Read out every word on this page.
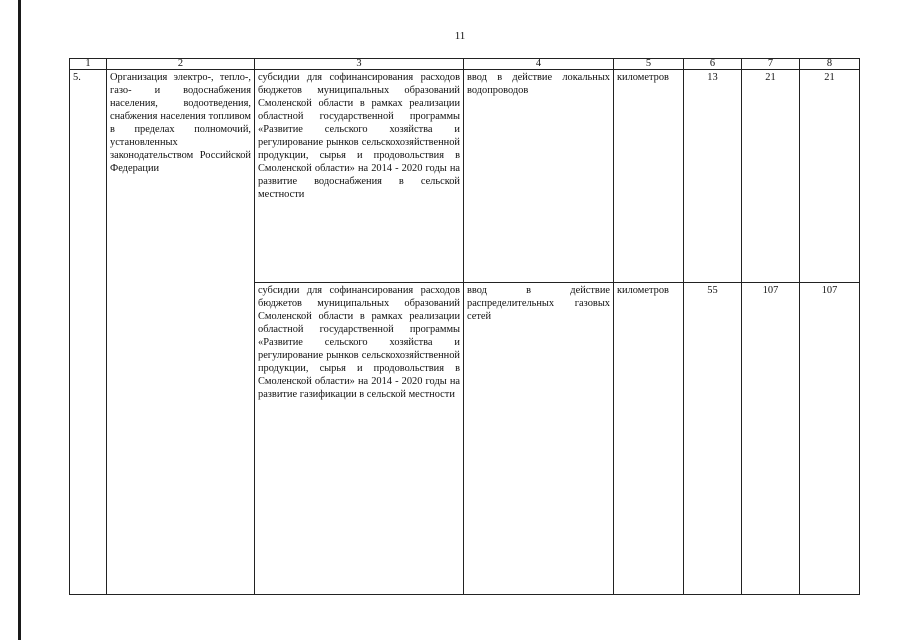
11
1	2	3	4	5	6	7	8
5.	Организация электро-, тепло-, газо- и водоснабжения населения, водоотведения, снабжения населения топливом в пределах полномочий, установленных законодательством Российской Федерации	субсидии для софинансирования расходов бюджетов муниципальных образований Смоленской области в рамках реализации областной государственной программы «Развитие сельского хозяйства и регулирование рынков сельскохозяйственной продукции, сырья и продовольствия в Смоленской области» на 2014 - 2020 годы на развитие водоснабжения в сельской местности	ввод в действие локальных водопроводов	километров	13	21	21
		субсидии для софинансирования расходов бюджетов муниципальных образований Смоленской области в рамках реализации областной государственной программы «Развитие сельского хозяйства и регулирование рынков сельскохозяйственной продукции, сырья и продовольствия в Смоленской области» на 2014 - 2020 годы на развитие газификации в сельской местности	ввод в действие распределительных газовых сетей	километров	55	107	107
